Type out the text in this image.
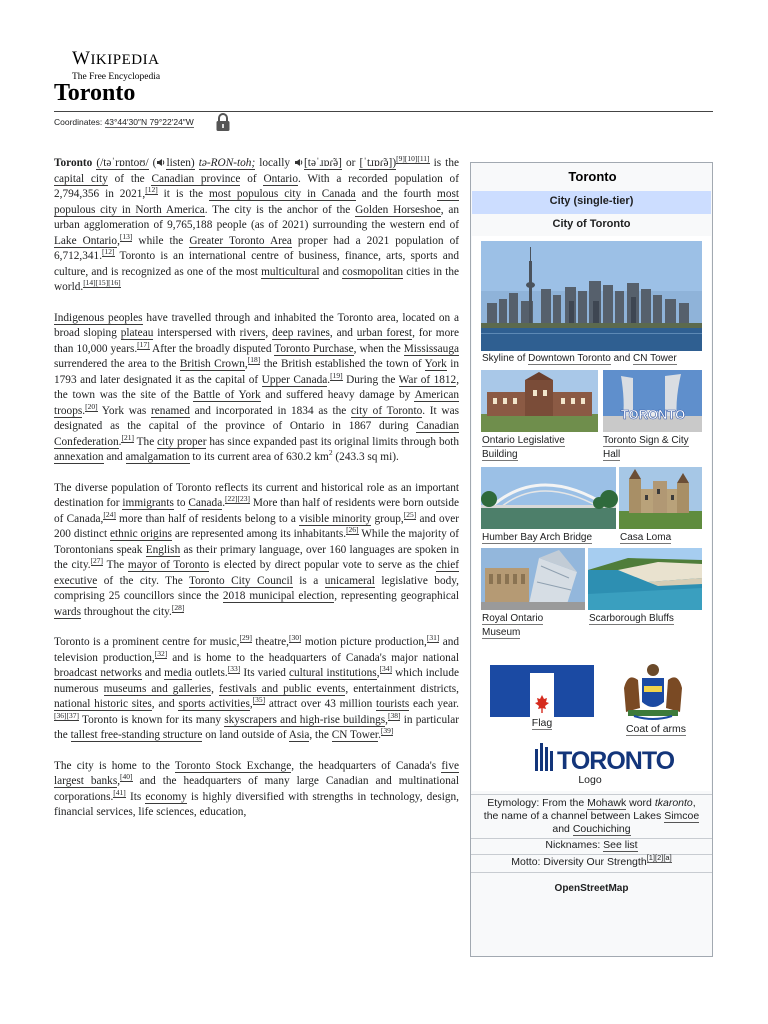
WIKIPEDIA
The Free Encyclopedia
Toronto
Coordinates: 43°44′30″N 79°22′24″W

Toronto (/təˈrɒntoʊ/ ( listen) tə-RON-toh; locally [təˈɹɒɾ̃ə] or [ˈtɹɒɾ̃ə])[9][10][11] is the capital city of the Canadian province of Ontario. With a recorded population of 2,794,356 in 2021,[12] it is the most populous city in Canada and the fourth most populous city in North America. The city is the anchor of the Golden Horseshoe, an urban agglomeration of 9,765,188 people (as of 2021) surrounding the western end of Lake Ontario,[13] while the Greater Toronto Area proper had a 2021 population of 6,712,341.[12] Toronto is an international centre of business, finance, arts, sports and culture, and is recognized as one of the most multicultural and cosmopolitan cities in the world.[14][15][16]

Indigenous peoples have travelled through and inhabited the Toronto area, located on a broad sloping plateau interspersed with rivers, deep ravines, and urban forest, for more than 10,000 years.[17] After the broadly disputed Toronto Purchase, when the Mississauga surrendered the area to the British Crown,[18] the British established the town of York in 1793 and later designated it as the capital of Upper Canada.[19] During the War of 1812, the town was the site of the Battle of York and suffered heavy damage by American troops.[20] York was renamed and incorporated in 1834 as the city of Toronto. It was designated as the capital of the province of Ontario in 1867 during Canadian Confederation.[21] The city proper has since expanded past its original limits through both annexation and amalgamation to its current area of 630.2 $km^2$ (243.3 sq mi).

The diverse population of Toronto reflects its current and historical role as an important destination for immigrants to Canada.[22][23] More than half of residents were born outside of Canada,[24] more than half of residents belong to a visible minority group,[25] and over 200 distinct ethnic origins are represented among its inhabitants.[26] While the majority of Torontonians speak English as their primary language, over 160 languages are spoken in the city.[27] The mayor of Toronto is elected by direct popular vote to serve as the chief executive of the city. The Toronto City Council is a unicameral legislative body, comprising 25 councillors since the 2018 municipal election, representing geographical wards throughout the city.[28]

Toronto is a prominent centre for music,[29] theatre,[30] motion picture production,[31] and television production,[32] and is home to the headquarters of Canada's major national broadcast networks and media outlets.[33] Its varied cultural institutions,[34] which include numerous museums and galleries, festivals and public events, entertainment districts, national historic sites, and sports activities,[35] attract over 43 million tourists each year.[36][37] Toronto is known for its many skyscrapers and high-rise buildings,[38] in particular the tallest free-standing structure on land outside of Asia, the CN Tower.[39]

The city is home to the Toronto Stock Exchange, the headquarters of Canada's five largest banks,[40] and the headquarters of many large Canadian and multinational corporations.[41] Its economy is highly diversified with strengths in technology, design, financial services, life sciences, education,

Toronto
City (single-tier)
City of Toronto
Skyline of Downtown Toronto and CN Tower
Ontario Legislative Building
TORONTO
Toronto Sign & City Hall
Humber Bay Arch Bridge	Casa Loma
Royal Ontario Museum
Scarborough Bluffs
Flag	Coat of arms
TORONTO
Logo
Etymology: From the Mohawk word tkaronto, the name of a channel between Lakes Simcoe and Couchiching
Nicknames: See list
Motto: Diversity Our Strength[1][2][a]
OpenStreetMap
